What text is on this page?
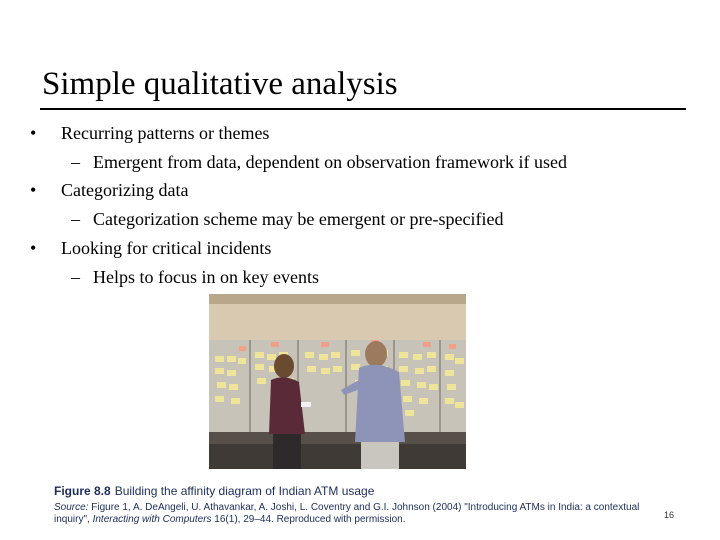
Simple qualitative analysis
• Recurring patterns or themes
– Emergent from data, dependent on observation framework if used
• Categorizing data
– Categorization scheme may be emergent or pre-specified
• Looking for critical incidents
– Helps to focus in on key events
Figure 8.8 Building the affinity diagram of Indian ATM usage
Source: Figure 1, A. DeAngeli, U. Athavankar, A. Joshi, L. Coventry and G.I. Johnson (2004) "Introducing ATMs in India: a contextual inquiry", Interacting with Computers 16(1), 29–44. Reproduced with permission.	16
